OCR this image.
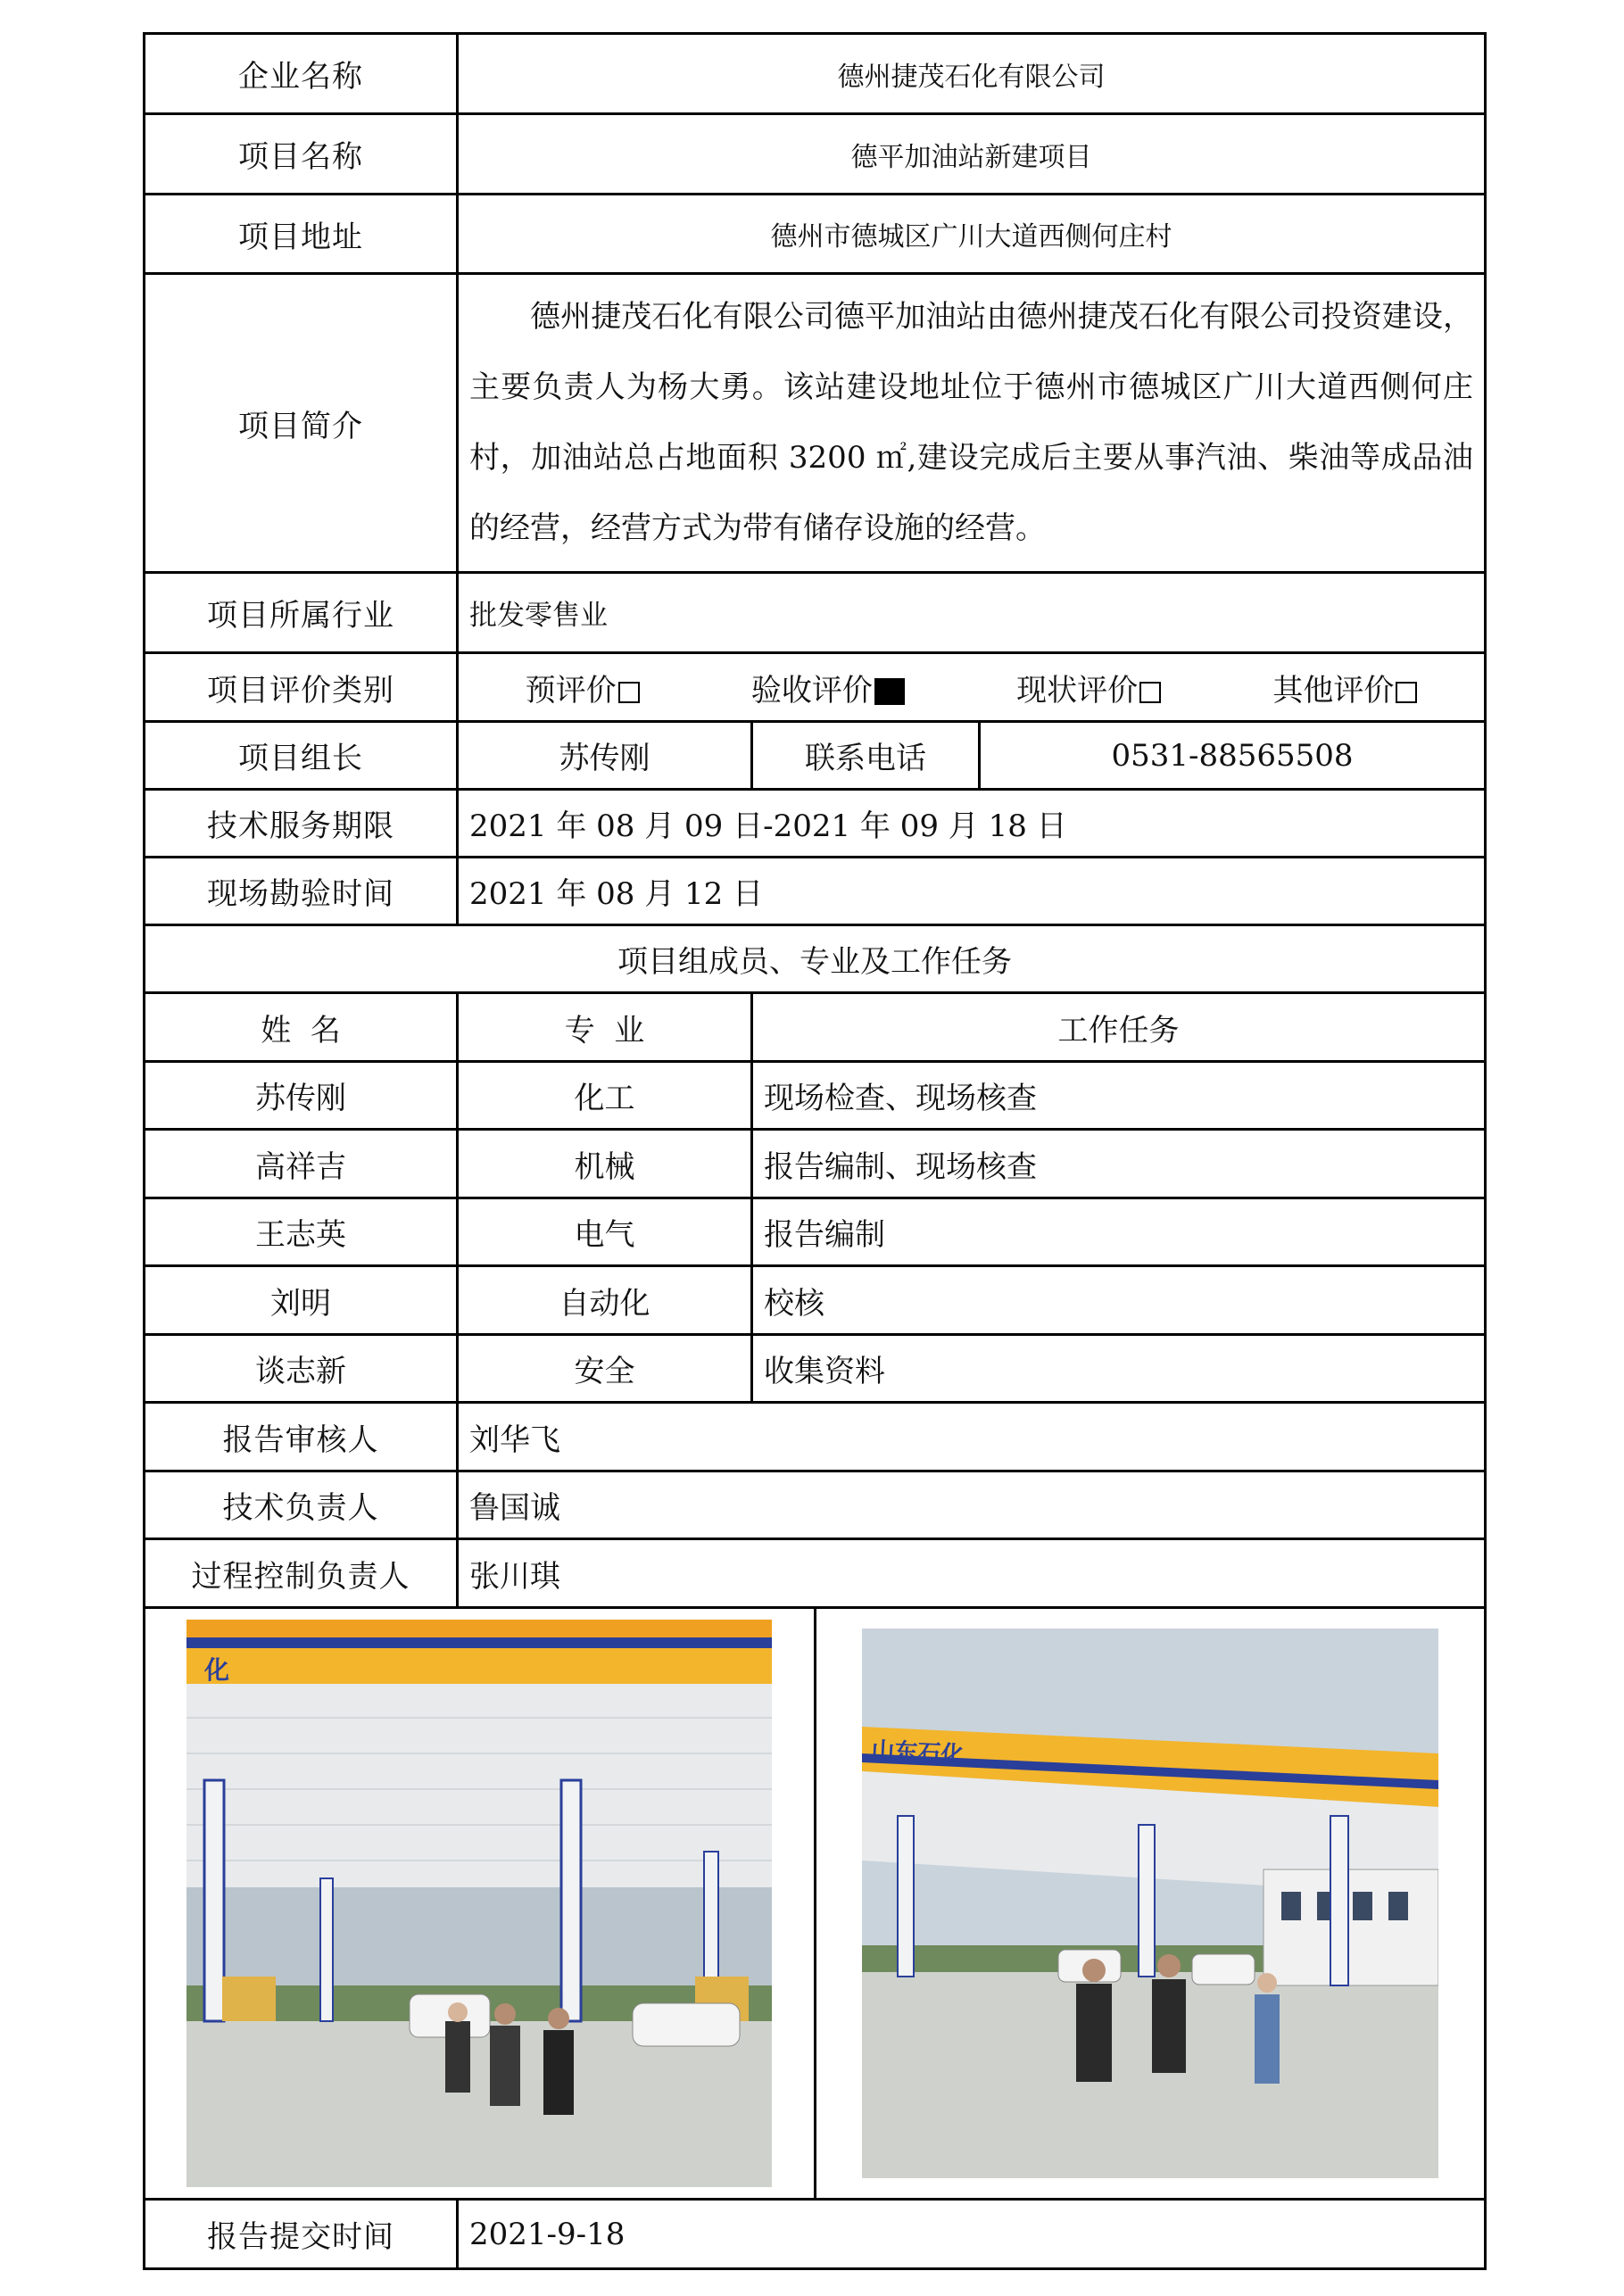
企业名称	德州捷茂石化有限公司		
项目名称	德平加油站新建项目		
项目地址	德州市德城区广川大道西侧何庄村		
项目简介	德州捷茂石化有限公司德平加油站由德州捷茂石化有限公司投资建设，主要负责人为杨大勇。该站建设地址位于德州市德城区广川大道西侧何庄村，加油站总占地面积 3200 ㎡,建设完成后主要从事汽油、柴油等成品油的经营，经营方式为带有储存设施的经营。		
项目所属行业	批发零售业		
项目评价类别	预评价 验收评价 现状评价 其他评价		

项目组长	苏传刚	联系电话	0531-88565508
技术服务期限	2021 年 08 月 09 日-2021 年 09 月 18 日		
现场勘验时间	2021 年 08 月 12 日		
项目组成员、专业及工作任务			
姓  名	专  业	工作任务	
苏传刚	化工	现场检查、现场核查	
高祥吉	机械	报告编制、现场核查	
王志英	电气	报告编制	
刘明	自动化	校核	
谈志新	安全	收集资料	
报告审核人	刘华飞		
技术负责人	鲁国诚		
过程控制负责人	张川琪		

化
山东石化			

报告提交时间	2021-9-18		
